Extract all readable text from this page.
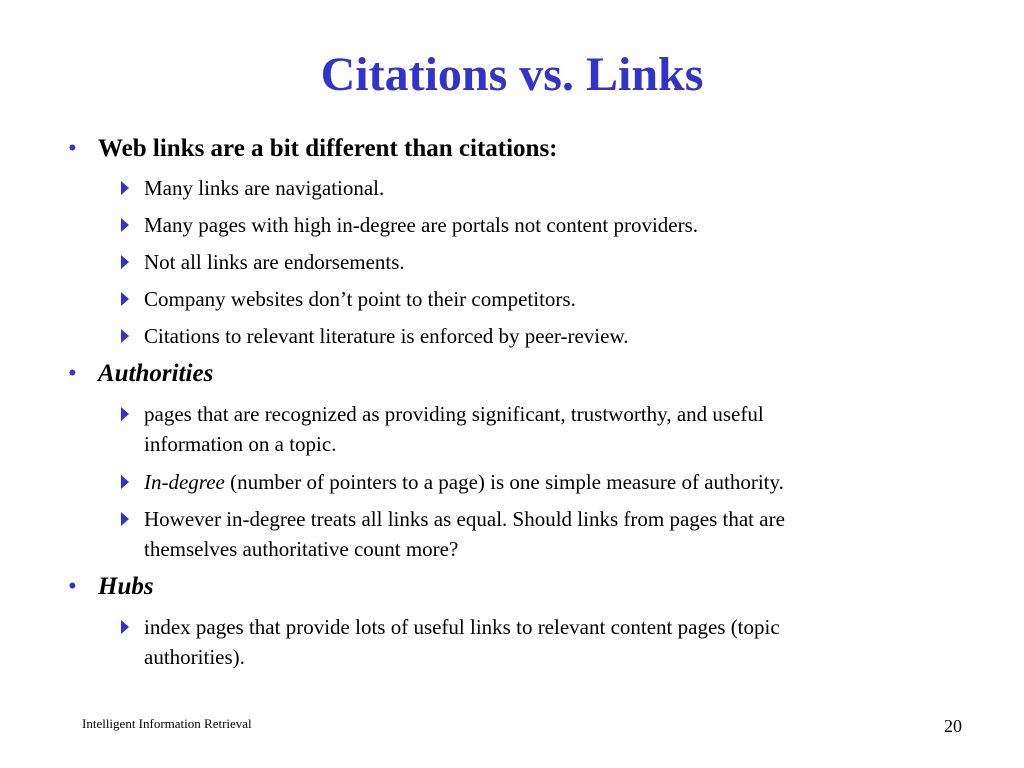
Citations vs. Links
• Web links are a bit different than citations:
Many links are navigational.
Many pages with high in-degree are portals not content providers.
Not all links are endorsements.
Company websites don’t point to their competitors.
Citations to relevant literature is enforced by peer-review.
• Authorities
pages that are recognized as providing significant, trustworthy, and useful
information on a topic.
In-degree (number of pointers to a page) is one simple measure of authority.
However in-degree treats all links as equal. Should links from pages that are
themselves authoritative count more?
• Hubs
index pages that provide lots of useful links to relevant content pages (topic
authorities).
Intelligent Information Retrieval	20
